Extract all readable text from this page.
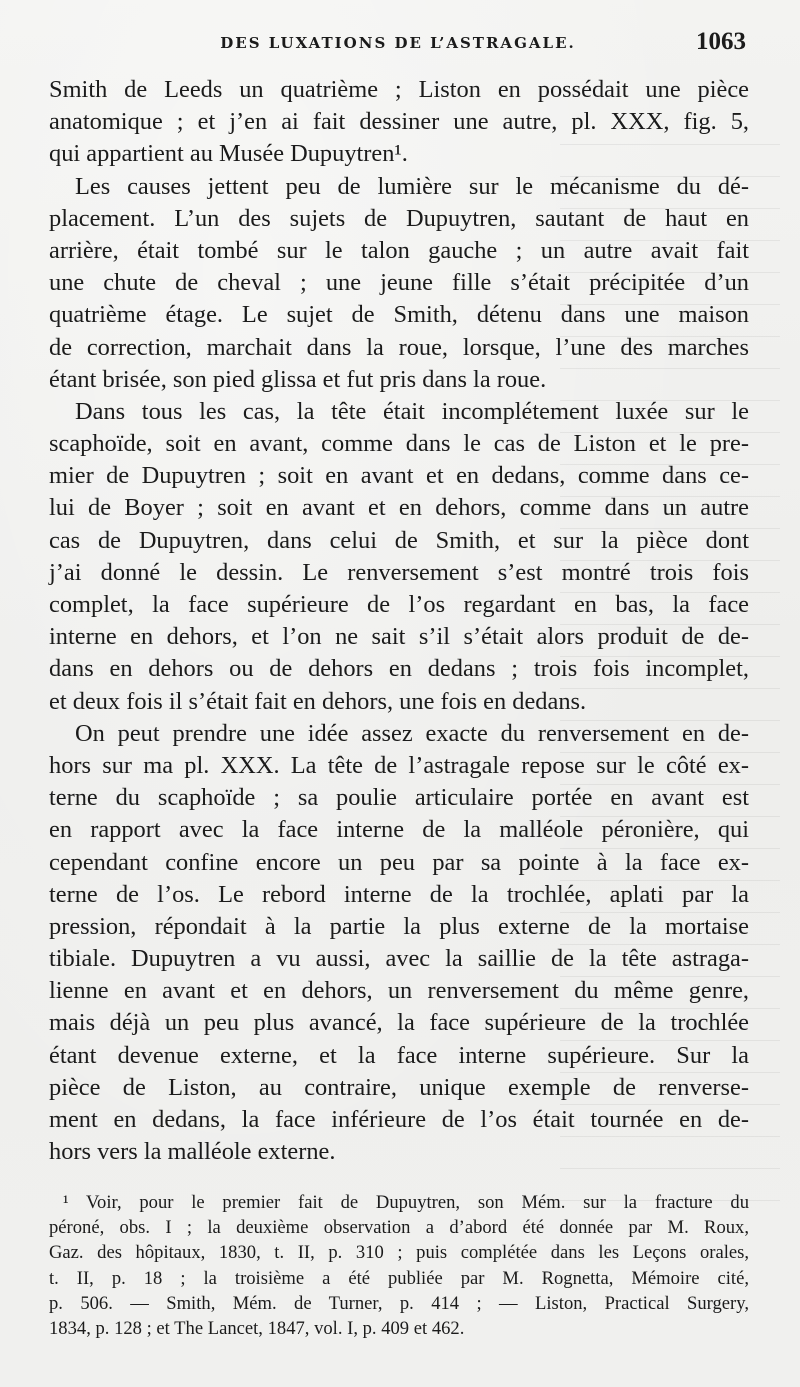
DES LUXATIONS DE L’ASTRAGALE.	1063
Smith de Leeds un quatrième ; Liston en possédait une pièce
anatomique ; et j’en ai fait dessiner une autre, pl. XXX, fig. 5,
qui appartient au Musée Dupuytren¹.
Les causes jettent peu de lumière sur le mécanisme du dé-
placement. L’un des sujets de Dupuytren, sautant de haut en
arrière, était tombé sur le talon gauche ; un autre avait fait
une chute de cheval ; une jeune fille s’était précipitée d’un
quatrième étage. Le sujet de Smith, détenu dans une maison
de correction, marchait dans la roue, lorsque, l’une des marches
étant brisée, son pied glissa et fut pris dans la roue.
Dans tous les cas, la tête était incomplétement luxée sur le
scaphoïde, soit en avant, comme dans le cas de Liston et le pre-
mier de Dupuytren ; soit en avant et en dedans, comme dans ce-
lui de Boyer ; soit en avant et en dehors, comme dans un autre
cas de Dupuytren, dans celui de Smith, et sur la pièce dont
j’ai donné le dessin. Le renversement s’est montré trois fois
complet, la face supérieure de l’os regardant en bas, la face
interne en dehors, et l’on ne sait s’il s’était alors produit de de-
dans en dehors ou de dehors en dedans ; trois fois incomplet,
et deux fois il s’était fait en dehors, une fois en dedans.
On peut prendre une idée assez exacte du renversement en de-
hors sur ma pl. XXX. La tête de l’astragale repose sur le côté ex-
terne du scaphoïde ; sa poulie articulaire portée en avant est
en rapport avec la face interne de la malléole péronière, qui
cependant confine encore un peu par sa pointe à la face ex-
terne de l’os. Le rebord interne de la trochlée, aplati par la
pression, répondait à la partie la plus externe de la mortaise
tibiale. Dupuytren a vu aussi, avec la saillie de la tête astraga-
lienne en avant et en dehors, un renversement du même genre,
mais déjà un peu plus avancé, la face supérieure de la trochlée
étant devenue externe, et la face interne supérieure. Sur la
pièce de Liston, au contraire, unique exemple de renverse-
ment en dedans, la face inférieure de l’os était tournée en de-
hors vers la malléole externe.
¹ Voir, pour le premier fait de Dupuytren, son Mém. sur la fracture du
péroné, obs. I ; la deuxième observation a d’abord été donnée par M. Roux,
Gaz. des hôpitaux, 1830, t. II, p. 310 ; puis complétée dans les Leçons orales,
t. II, p. 18 ; la troisième a été publiée par M. Rognetta, Mémoire cité,
p. 506. — Smith, Mém. de Turner, p. 414 ; — Liston, Practical Surgery,
1834, p. 128 ; et The Lancet, 1847, vol. I, p. 409 et 462.
